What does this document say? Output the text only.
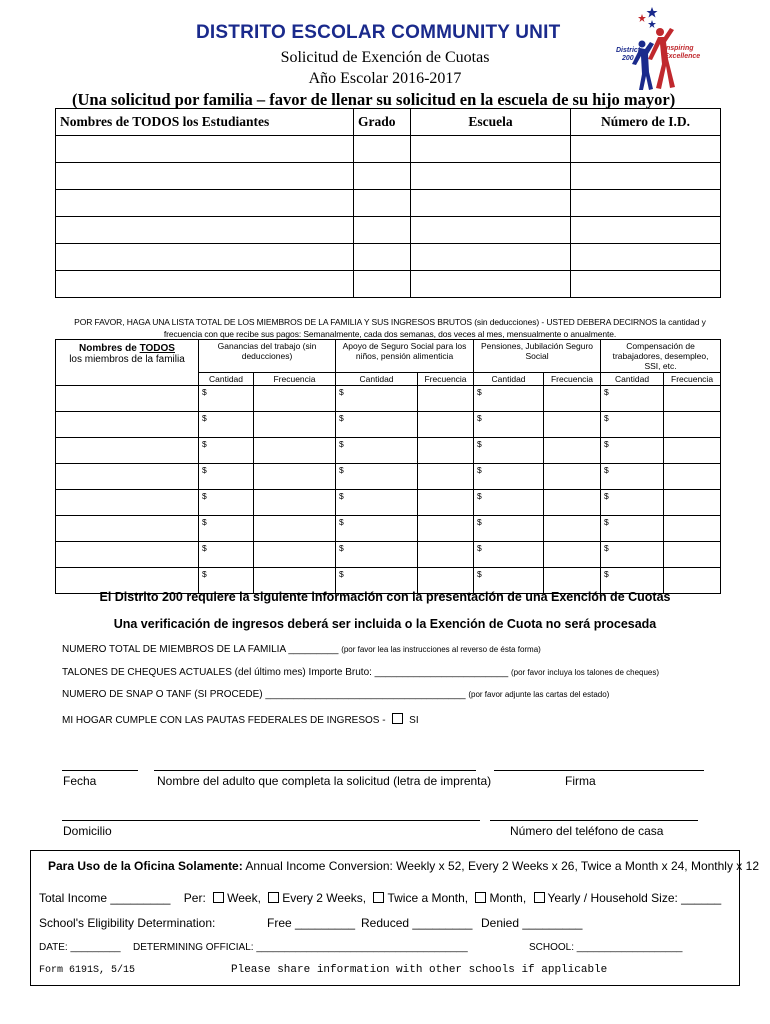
DISTRITO ESCOLAR COMMUNITY UNIT
Solicitud de Exención de Cuotas
Año Escolar 2016-2017
(Una solicitud por familia – favor de llenar su solicitud en la escuela de su hijo mayor)
District
200
Inspiring
Excellence
Nombres de TODOS los Estudiantes	Grado	Escuela	Número de I.D.

POR FAVOR, HAGA UNA LISTA TOTAL DE LOS MIEMBROS DE LA FAMILIA Y SUS INGRESOS BRUTOS (sin deducciones) - USTED DEBERA DECIRNOS la cantidad y frecuencia con que recibe sus pagos: Semanalmente, cada dos semanas, dos veces al mes, mensualmente o anualmente.
Nombres de TODOS
los miembros de la familia	Ganancias del trabajo (sin deducciones)		Apoyo de Seguro Social para los niños, pensión alimenticia		Pensiones, Jubilación Seguro Social		Compensación de trabajadores, desempleo, SSI, etc.	
	Cantidad	Frecuencia	Cantidad	Frecuencia	Cantidad	Frecuencia	Cantidad	Frecuencia
	$		$		$		$	
	$		$		$		$	
	$		$		$		$	
	$		$		$		$	
	$		$		$		$	
	$		$		$		$	
	$		$		$		$	
	$		$		$		$	
El Distrito 200 requiere la siguiente información con la presentación de una Exención de Cuotas
Una verificación de ingresos deberá ser incluida o la Exención de Cuota no será procesada
NUMERO TOTAL DE MIEMBROS DE LA FAMILIA _________ (por favor lea las instrucciones al reverso de ésta forma)
TALONES DE CHEQUES ACTUALES (del último mes) Importe Bruto: ________________________ (por favor incluya los talones de cheques)
NUMERO DE SNAP O TANF (SI PROCEDE) ____________________________________ (por favor adjunte las cartas del estado)
MI HOGAR CUMPLE CON LAS PAUTAS FEDERALES DE INGRESOS - SI
Fecha	Nombre del adulto que completa la solicitud (letra de imprenta)	Firma
Domicilio	Número del teléfono de casa
Para Uso de la Oficina Solamente: Annual Income Conversion: Weekly x 52, Every 2 Weeks x 26, Twice a Month x 24, Monthly x 12
Total Income _________ Per: Week, Every 2 Weeks, Twice a Month, Month, Yearly / Household Size: ______
School's Eligibility Determination:	Free _________ Reduced _________ Denied _________
DATE: _________ DETERMINING OFFICIAL: ______________________________________	SCHOOL: ___________________
Form 6191S, 5/15	Please share information with other schools if applicable
